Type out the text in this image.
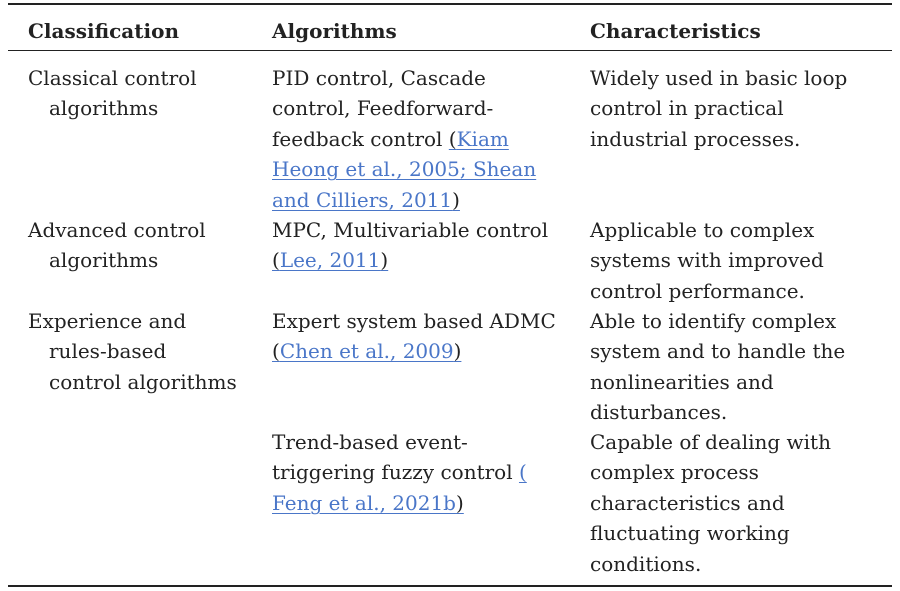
Classification	Algorithms	Characteristics
Classical control
algorithms
PID control, Cascade
control, Feedforward-
feedback control (Kiam
Heong et al., 2005; Shean
and Cilliers, 2011)
Widely used in basic loop
control in practical
industrial processes.
Advanced control
algorithms
MPC, Multivariable control
(Lee, 2011)
Applicable to complex
systems with improved
control performance.
Experience and
rules-based
control algorithms
Expert system based ADMC
(Chen et al., 2009)
Able to identify complex
system and to handle the
nonlinearities and
disturbances.
Trend-based event-
triggering fuzzy control (
Feng et al., 2021b)
Capable of dealing with
complex process
characteristics and
fluctuating working
conditions.
